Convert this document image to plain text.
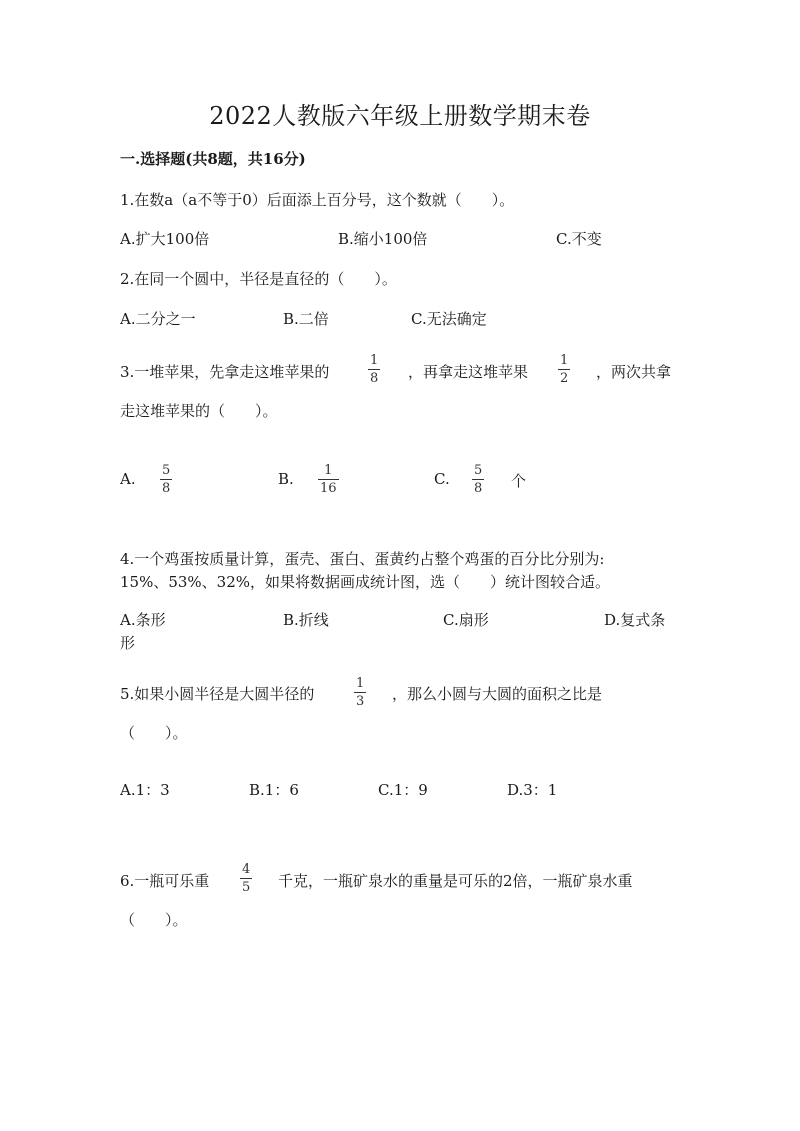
2022人教版六年级上册数学期末卷
一.选择题(共8题，共16分)
1.在数a（a不等于0）后面添上百分号，这个数就（　　）。
A.扩大100倍	B.缩小100倍	C.不变
2.在同一个圆中，半径是直径的（　　）。
A.二分之一	B.二倍	C.无法确定
3.一堆苹果，先拿走这堆苹果的
1
8 ，再拿走这堆苹果
1
2 ，两次共拿
走这堆苹果的（　　）。
A. 5
8
B. 1
16
C. 5
8 个
4.一个鸡蛋按质量计算，蛋壳、蛋白、蛋黄约占整个鸡蛋的百分比分别为:
15%、53%、32%，如果将数据画成统计图，选（　　）统计图较合适。
A.条形	B.折线	C.扇形	D.复式条
形
5.如果小圆半径是大圆半径的
1
3 ，那么小圆与大圆的面积之比是
（　　）。
A.1：3	B.1：6	C.1：9	D.3：1
6.一瓶可乐重
4
5 千克，一瓶矿泉水的重量是可乐的2倍，一瓶矿泉水重
（　　）。
